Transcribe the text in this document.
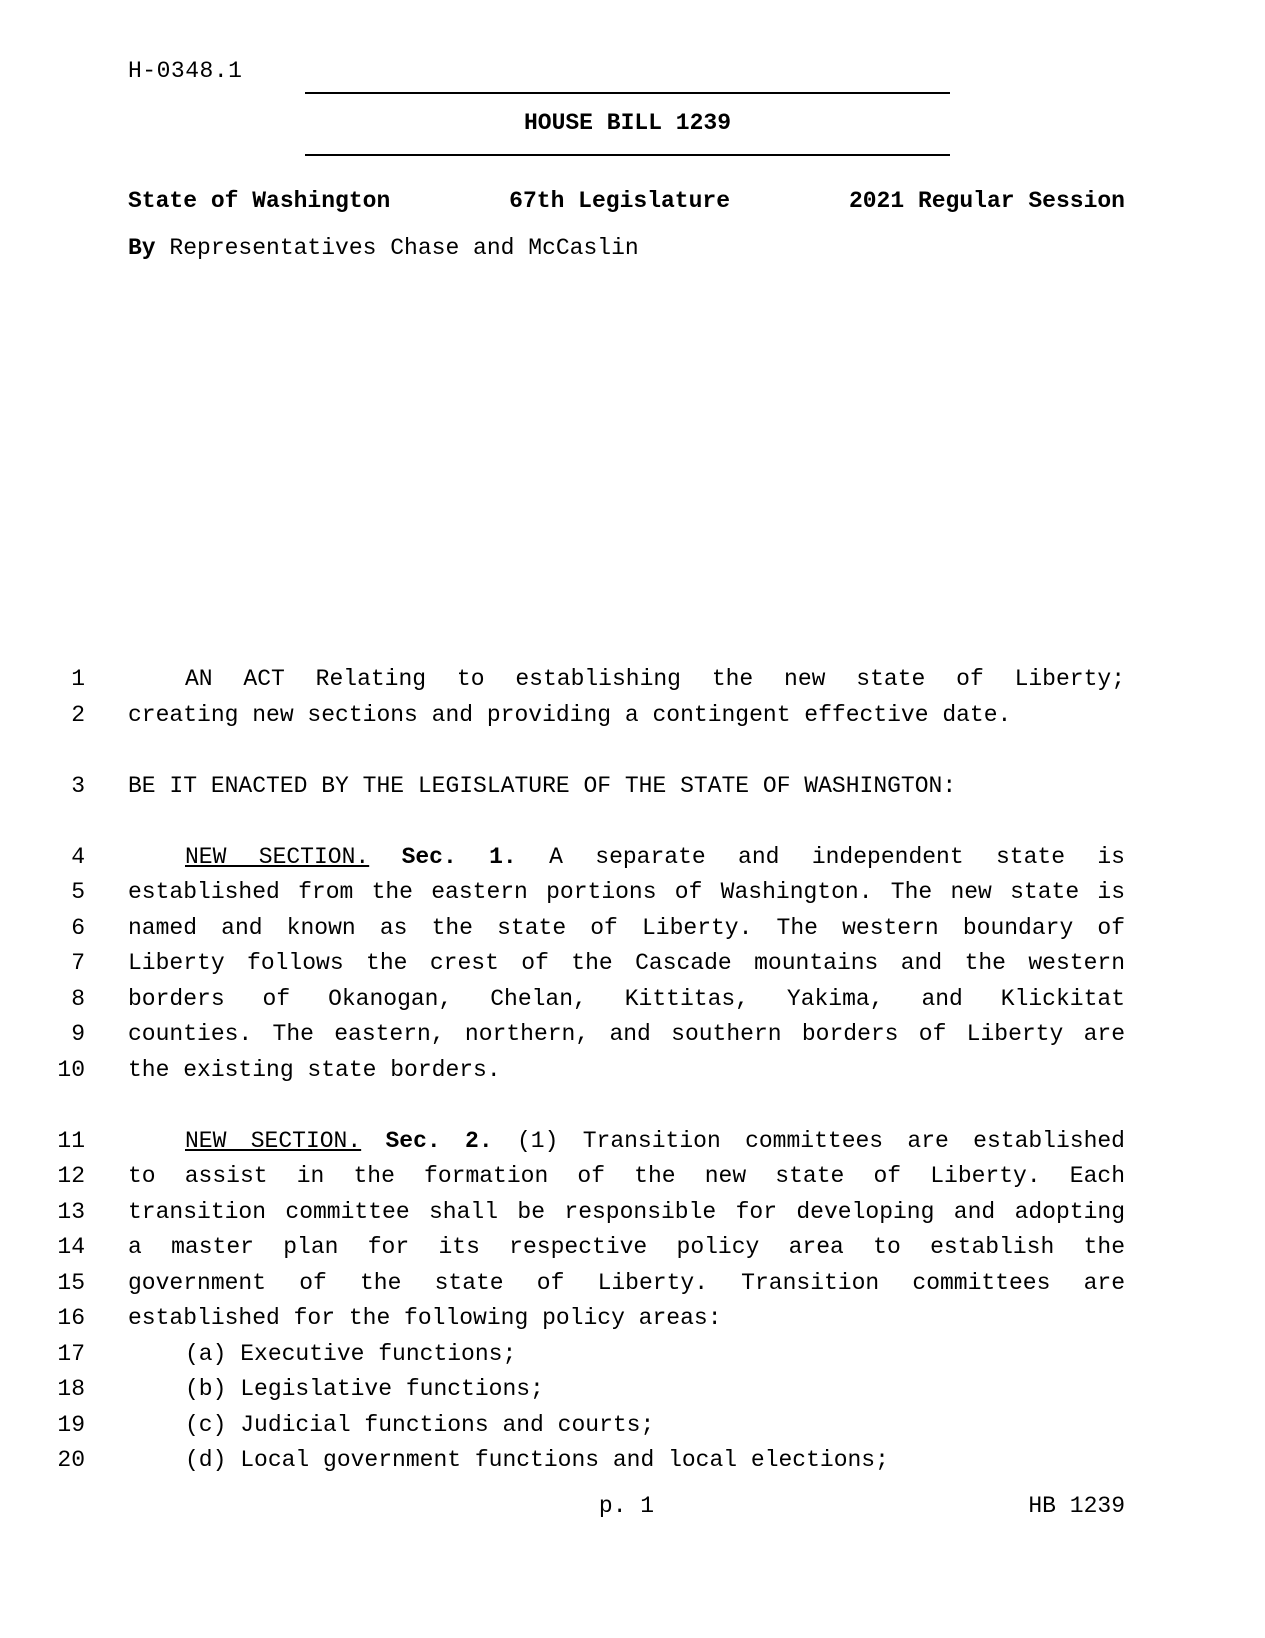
H-0348.1
HOUSE BILL 1239
State of Washington	67th Legislature	2021 Regular Session
By Representatives Chase and McCaslin
1	AN ACT Relating to establishing the new state of Liberty;
2 creating new sections and providing a contingent effective date.
3 BE IT ENACTED BY THE LEGISLATURE OF THE STATE OF WASHINGTON:
4	NEW SECTION. Sec. 1. A separate and independent state is
5 established from the eastern portions of Washington. The new state is
6 named and known as the state of Liberty. The western boundary of
7 Liberty follows the crest of the Cascade mountains and the western
8 borders of Okanogan, Chelan, Kittitas, Yakima, and Klickitat
9 counties. The eastern, northern, and southern borders of Liberty are
10 the existing state borders.
11	NEW SECTION. Sec. 2. (1) Transition committees are established
12 to assist in the formation of the new state of Liberty. Each
13 transition committee shall be responsible for developing and adopting
14 a master plan for its respective policy area to establish the
15 government of the state of Liberty. Transition committees are
16 established for the following policy areas:
17	(a) Executive functions;
18	(b) Legislative functions;
19	(c) Judicial functions and courts;
20	(d) Local government functions and local elections;
p. 1	HB 1239
